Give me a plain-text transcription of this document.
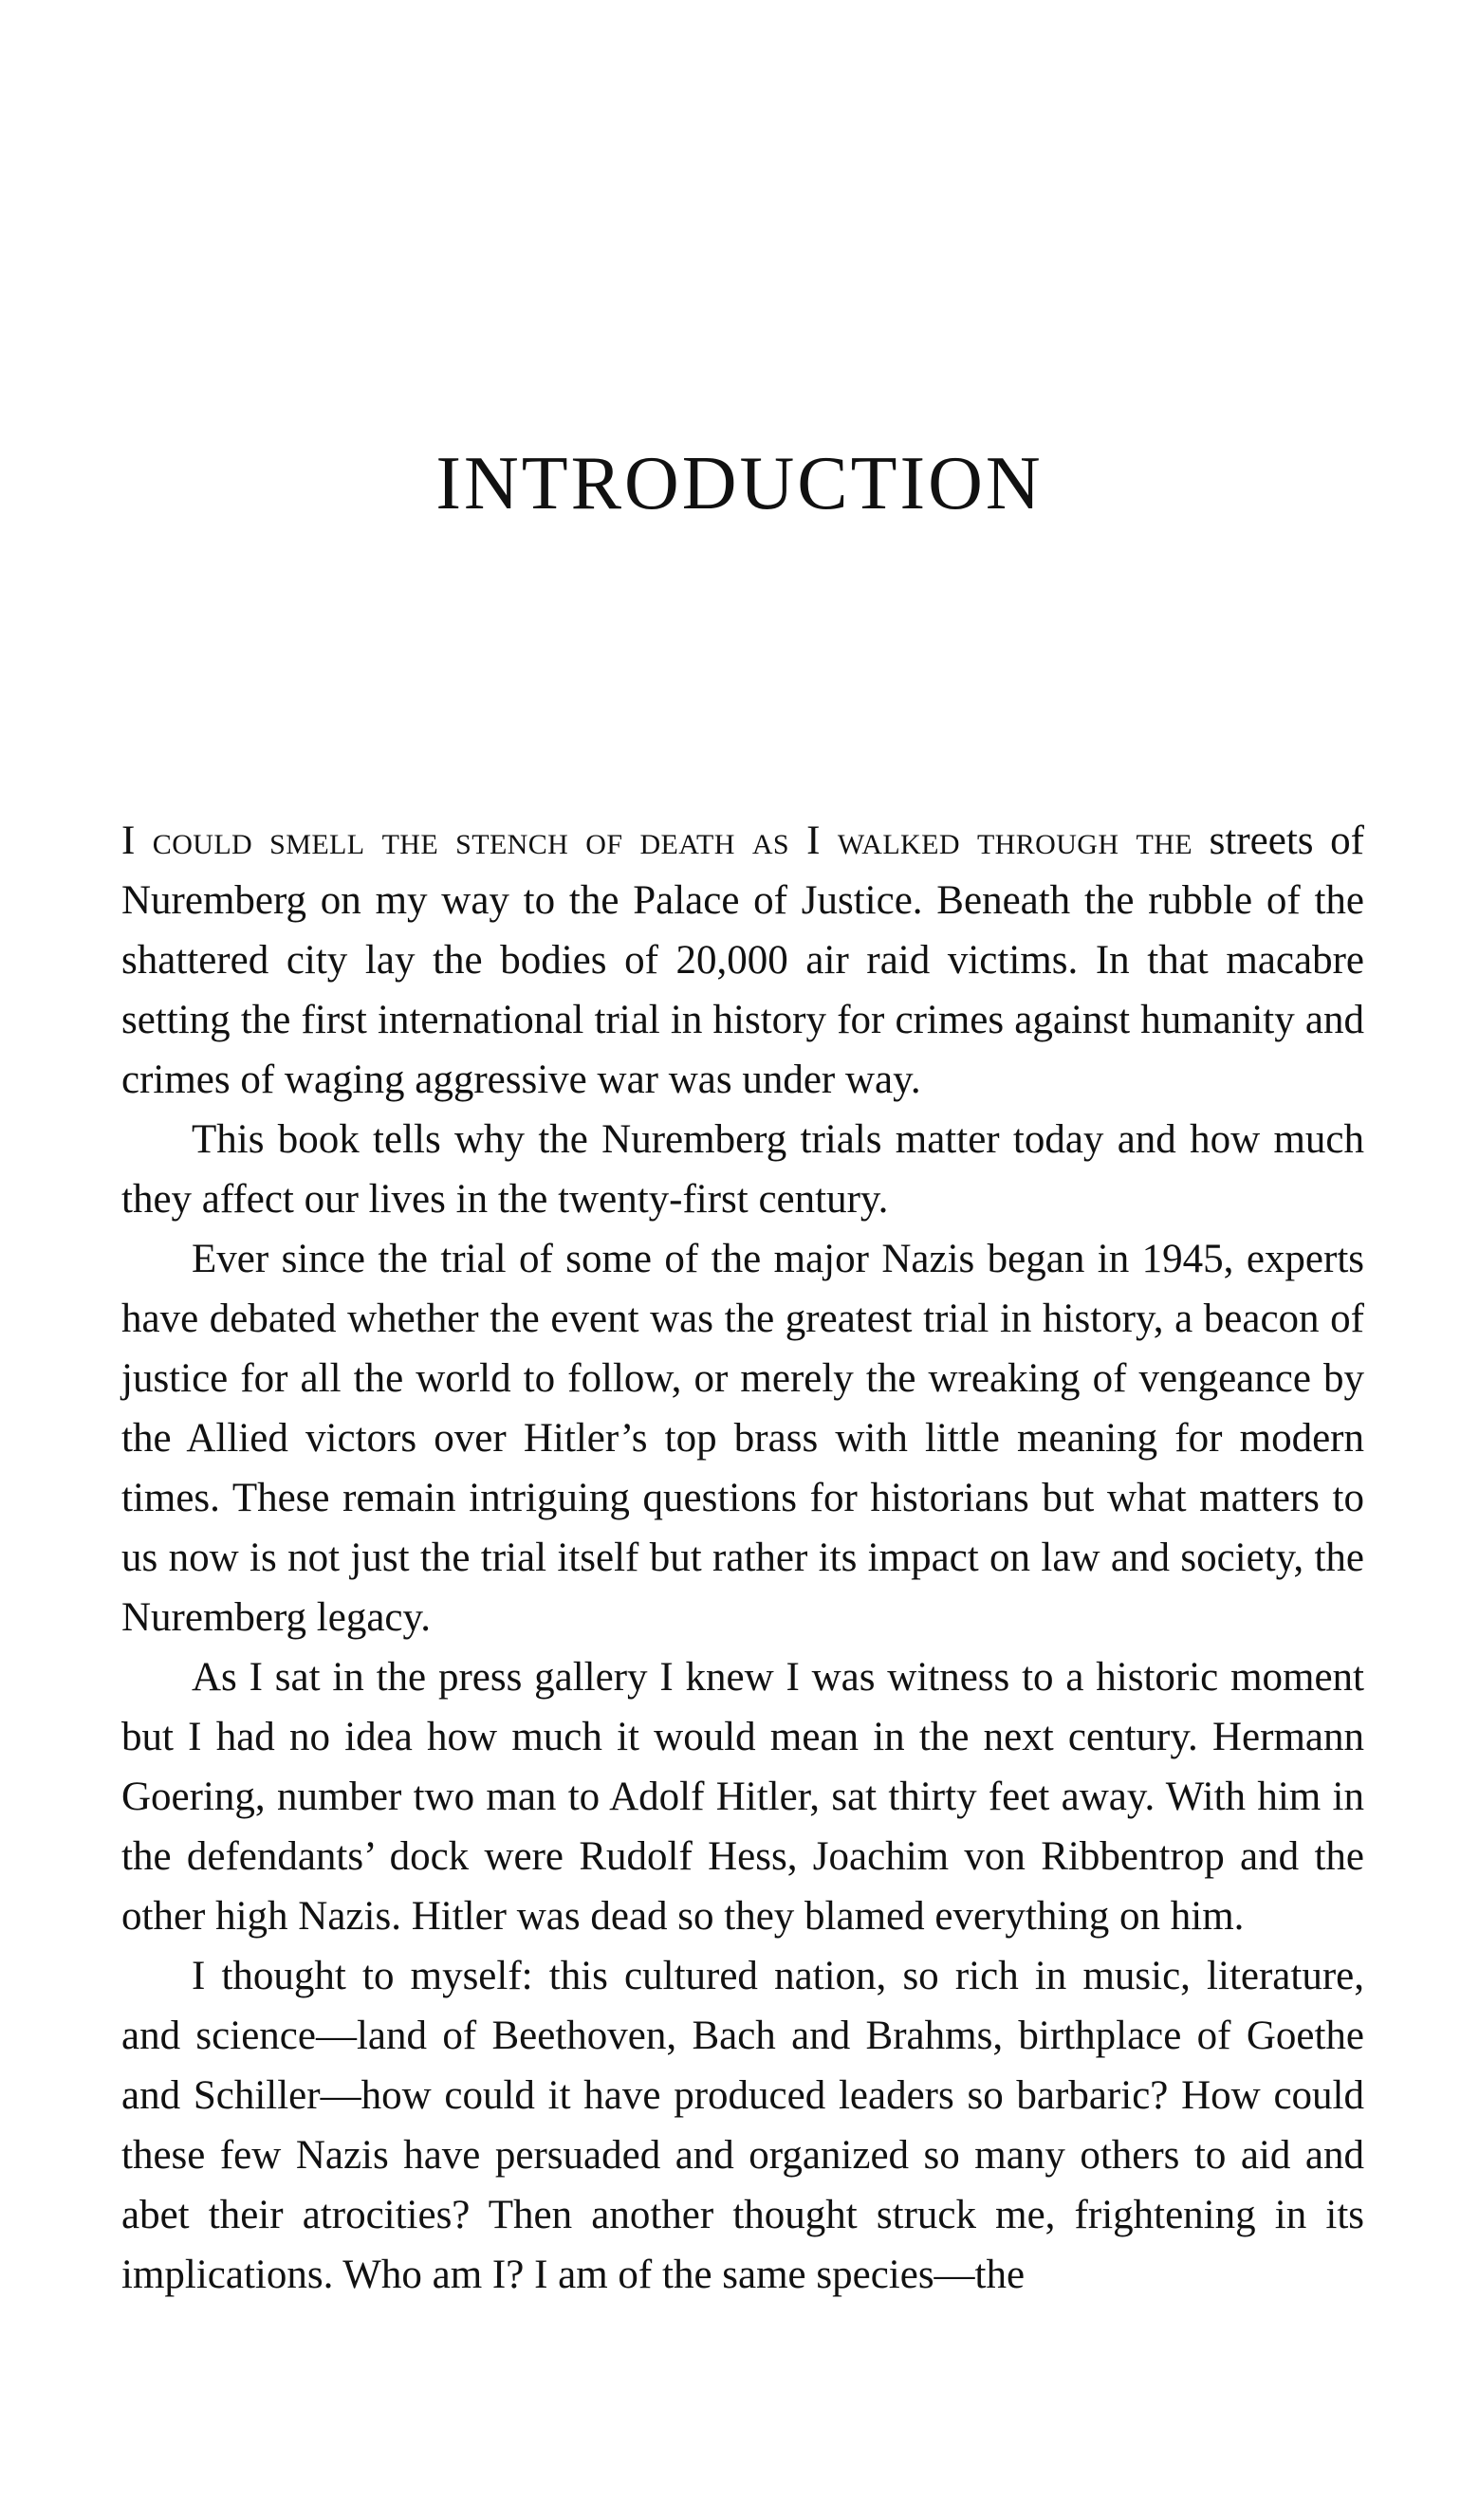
INTRODUCTION

I could smell the stench of death as I walked through the streets of Nuremberg on my way to the Palace of Justice. Beneath the rubble of the shattered city lay the bodies of 20,000 air raid victims. In that macabre setting the first international trial in history for crimes against humanity and crimes of waging aggressive war was under way.

This book tells why the Nuremberg trials matter today and how much they affect our lives in the twenty-first century.

Ever since the trial of some of the major Nazis began in 1945, experts have debated whether the event was the greatest trial in history, a beacon of justice for all the world to follow, or merely the wreaking of vengeance by the Allied victors over Hitler’s top brass with little meaning for modern times. These remain intriguing questions for historians but what matters to us now is not just the trial itself but rather its impact on law and society, the Nuremberg legacy.

As I sat in the press gallery I knew I was witness to a historic moment but I had no idea how much it would mean in the next century. Hermann Goering, number two man to Adolf Hitler, sat thirty feet away. With him in the defendants’ dock were Rudolf Hess, Joachim von Ribbentrop and the other high Nazis. Hitler was dead so they blamed everything on him.

I thought to myself: this cultured nation, so rich in music, literature, and science—land of Beethoven, Bach and Brahms, birthplace of Goethe and Schiller—how could it have produced leaders so barbaric? How could these few Nazis have persuaded and organized so many others to aid and abet their atrocities? Then another thought struck me, frightening in its implications. Who am I? I am of the same species—the
